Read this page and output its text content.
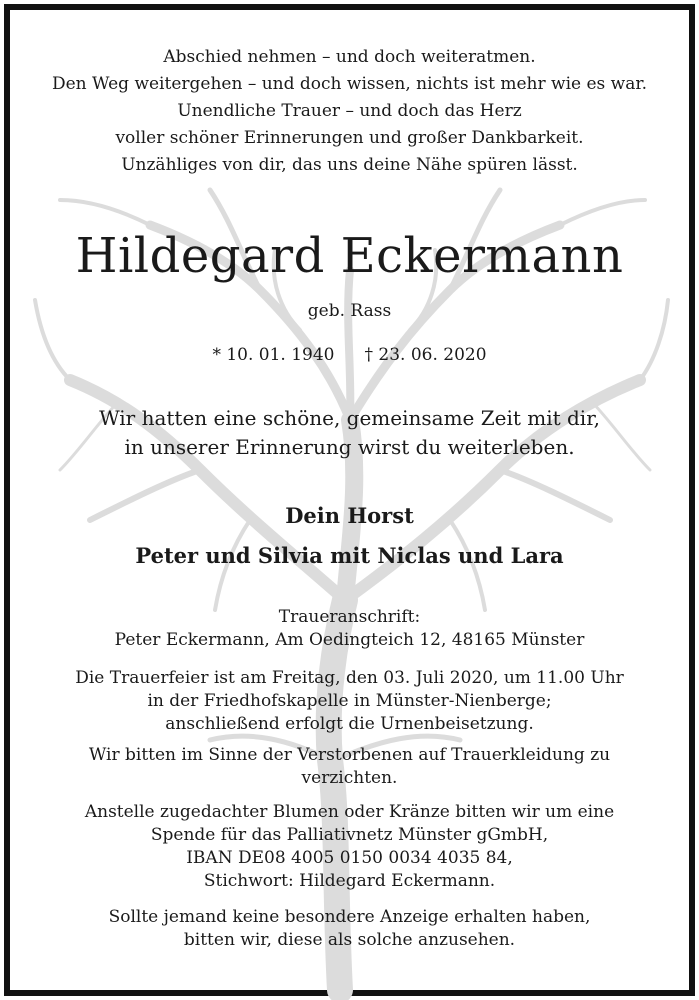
Abschied nehmen – und doch weiteratmen.
Den Weg weitergehen – und doch wissen, nichts ist mehr wie es war.
Unendliche Trauer – und doch das Herz
voller schöner Erinnerungen und großer Dankbarkeit.
Unzähliges von dir, das uns deine Nähe spüren lässt.
Hildegard Eckermann
geb. Rass
* 10. 01. 1940 † 23. 06. 2020
Wir hatten eine schöne, gemeinsame Zeit mit dir,
in unserer Erinnerung wirst du weiterleben.
Dein Horst
Peter und Silvia mit Niclas und Lara
Traueranschrift:
Peter Eckermann, Am Oedingteich 12, 48165 Münster
Die Trauerfeier ist am Freitag, den 03. Juli 2020, um 11.00 Uhr
in der Friedhofskapelle in Münster-Nienberge;
anschließend erfolgt die Urnenbeisetzung.
Wir bitten im Sinne der Verstorbenen auf Trauerkleidung zu
verzichten.
Anstelle zugedachter Blumen oder Kränze bitten wir um eine
Spende für das Palliativnetz Münster gGmbH,
IBAN DE08 4005 0150 0034 4035 84,
Stichwort: Hildegard Eckermann.
Sollte jemand keine besondere Anzeige erhalten haben,
bitten wir, diese als solche anzusehen.
